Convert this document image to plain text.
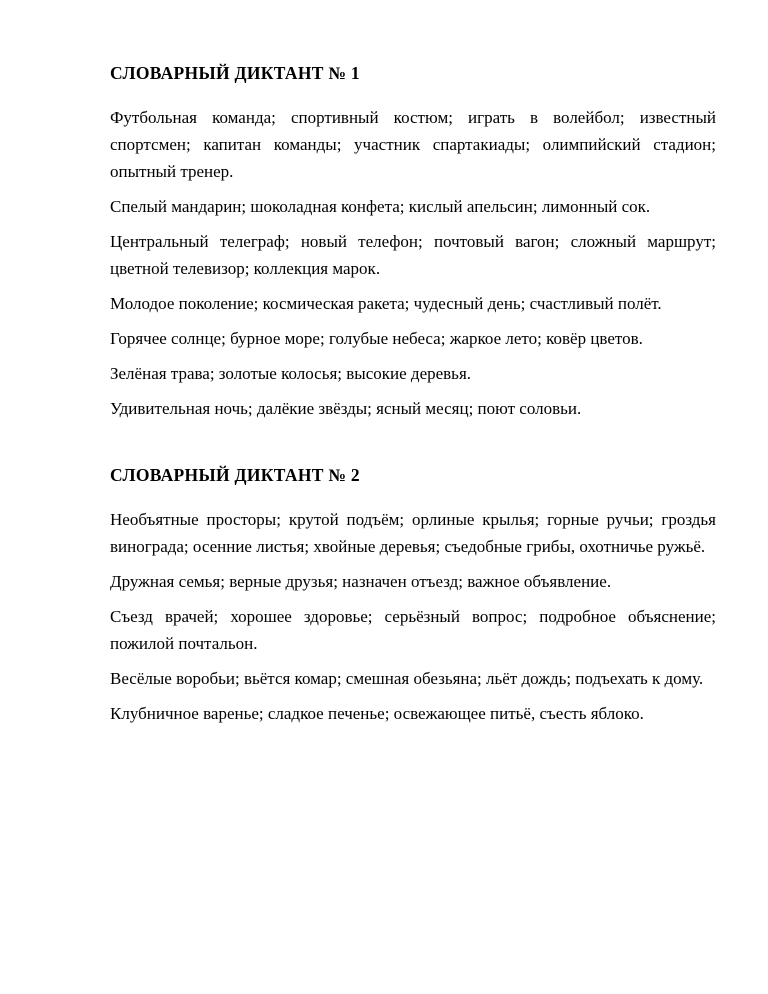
СЛОВАРНЫЙ ДИКТАНТ № 1

Футбольная команда; спортивный костюм; играть в волейбол; известный спортсмен; капитан команды; участник спартакиады; олимпийский стадион; опытный тренер.

Спелый мандарин; шоколадная конфета; кислый апельсин; лимонный сок.

Центральный телеграф; новый телефон; почтовый вагон; сложный маршрут; цветной телевизор; коллекция марок.

Молодое поколение; космическая ракета; чудесный день; счастливый полёт.

Горячее солнце; бурное море; голубые небеса; жаркое лето; ковёр цветов.

Зелёная трава; золотые колосья; высокие деревья.

Удивительная ночь; далёкие звёзды; ясный месяц; поют соловьи.

СЛОВАРНЫЙ ДИКТАНТ № 2

Необъятные просторы; крутой подъём; орлиные крылья; горные ручьи; гроздья винограда; осенние листья; хвойные деревья; съедобные грибы, охотничье ружьё.

Дружная семья; верные друзья; назначен отъезд; важное объявление.

Съезд врачей; хорошее здоровье; серьёзный вопрос; подробное объяснение; пожилой почтальон.

Весёлые воробьи; вьётся комар; смешная обезьяна; льёт дождь; подъехать к дому.

Клубничное варенье; сладкое печенье; освежающее питьё, съесть яблоко.
